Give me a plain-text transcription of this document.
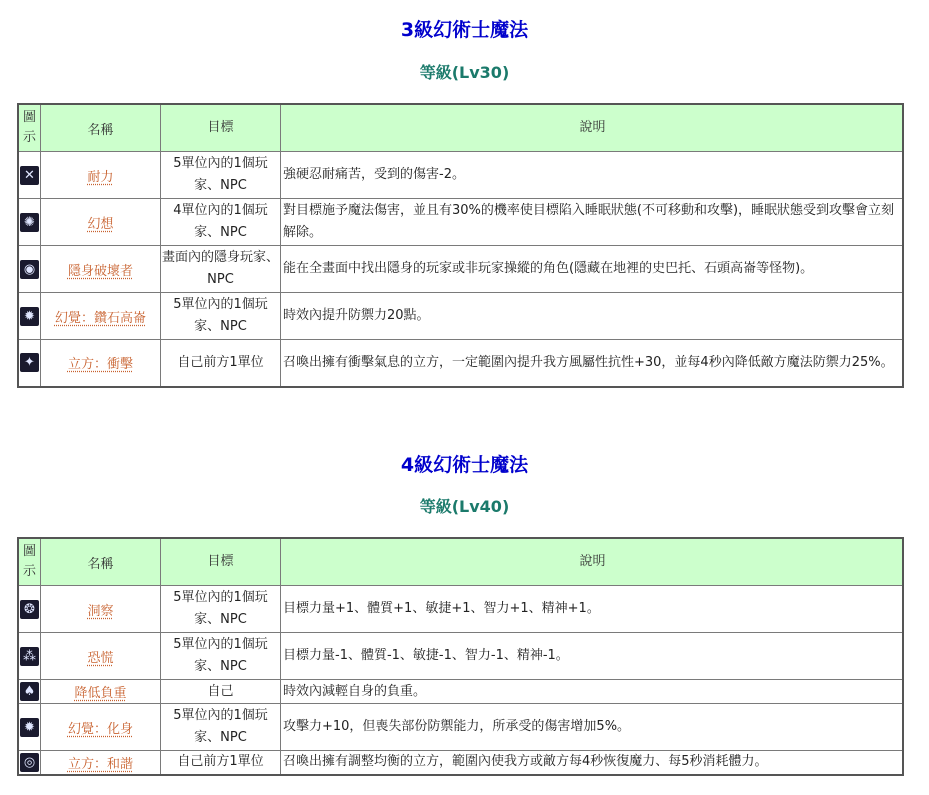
3級幻術士魔法
等級(Lv30)
圖示	名稱	目標	說明
✕	耐力	5單位內的1個玩家、NPC	強硬忍耐痛苦，受到的傷害-2。
✺	幻想	4單位內的1個玩家、NPC	對目標施予魔法傷害，並且有30%的機率使目標陷入睡眠狀態(不可移動和攻擊)，睡眠狀態受到攻擊會立刻解除。
◉	隱身破壞者	畫面內的隱身玩家、NPC	能在全畫面中找出隱身的玩家或非玩家操縱的角色(隱藏在地裡的史巴托、石頭高崙等怪物)。
✹	幻覺：鑽石高崙	5單位內的1個玩家、NPC	時效內提升防禦力20點。
✦	立方：衝擊	自己前方1單位	召喚出擁有衝擊氣息的立方，一定範圍內提升我方風屬性抗性+30，並每4秒內降低敵方魔法防禦力25%。
4級幻術士魔法
等級(Lv40)
圖示	名稱	目標	說明
❂	洞察	5單位內的1個玩家、NPC	目標力量+1、體質+1、敏捷+1、智力+1、精神+1。
⁂	恐慌	5單位內的1個玩家、NPC	目標力量-1、體質-1、敏捷-1、智力-1、精神-1。
♠	降低負重	自己	時效內減輕自身的負重。
✹	幻覺：化身	5單位內的1個玩家、NPC	攻擊力+10，但喪失部份防禦能力，所承受的傷害增加5%。
◎	立方：和諧	自己前方1單位	召喚出擁有調整均衡的立方，範圍內使我方或敵方每4秒恢復魔力、每5秒消耗體力。
